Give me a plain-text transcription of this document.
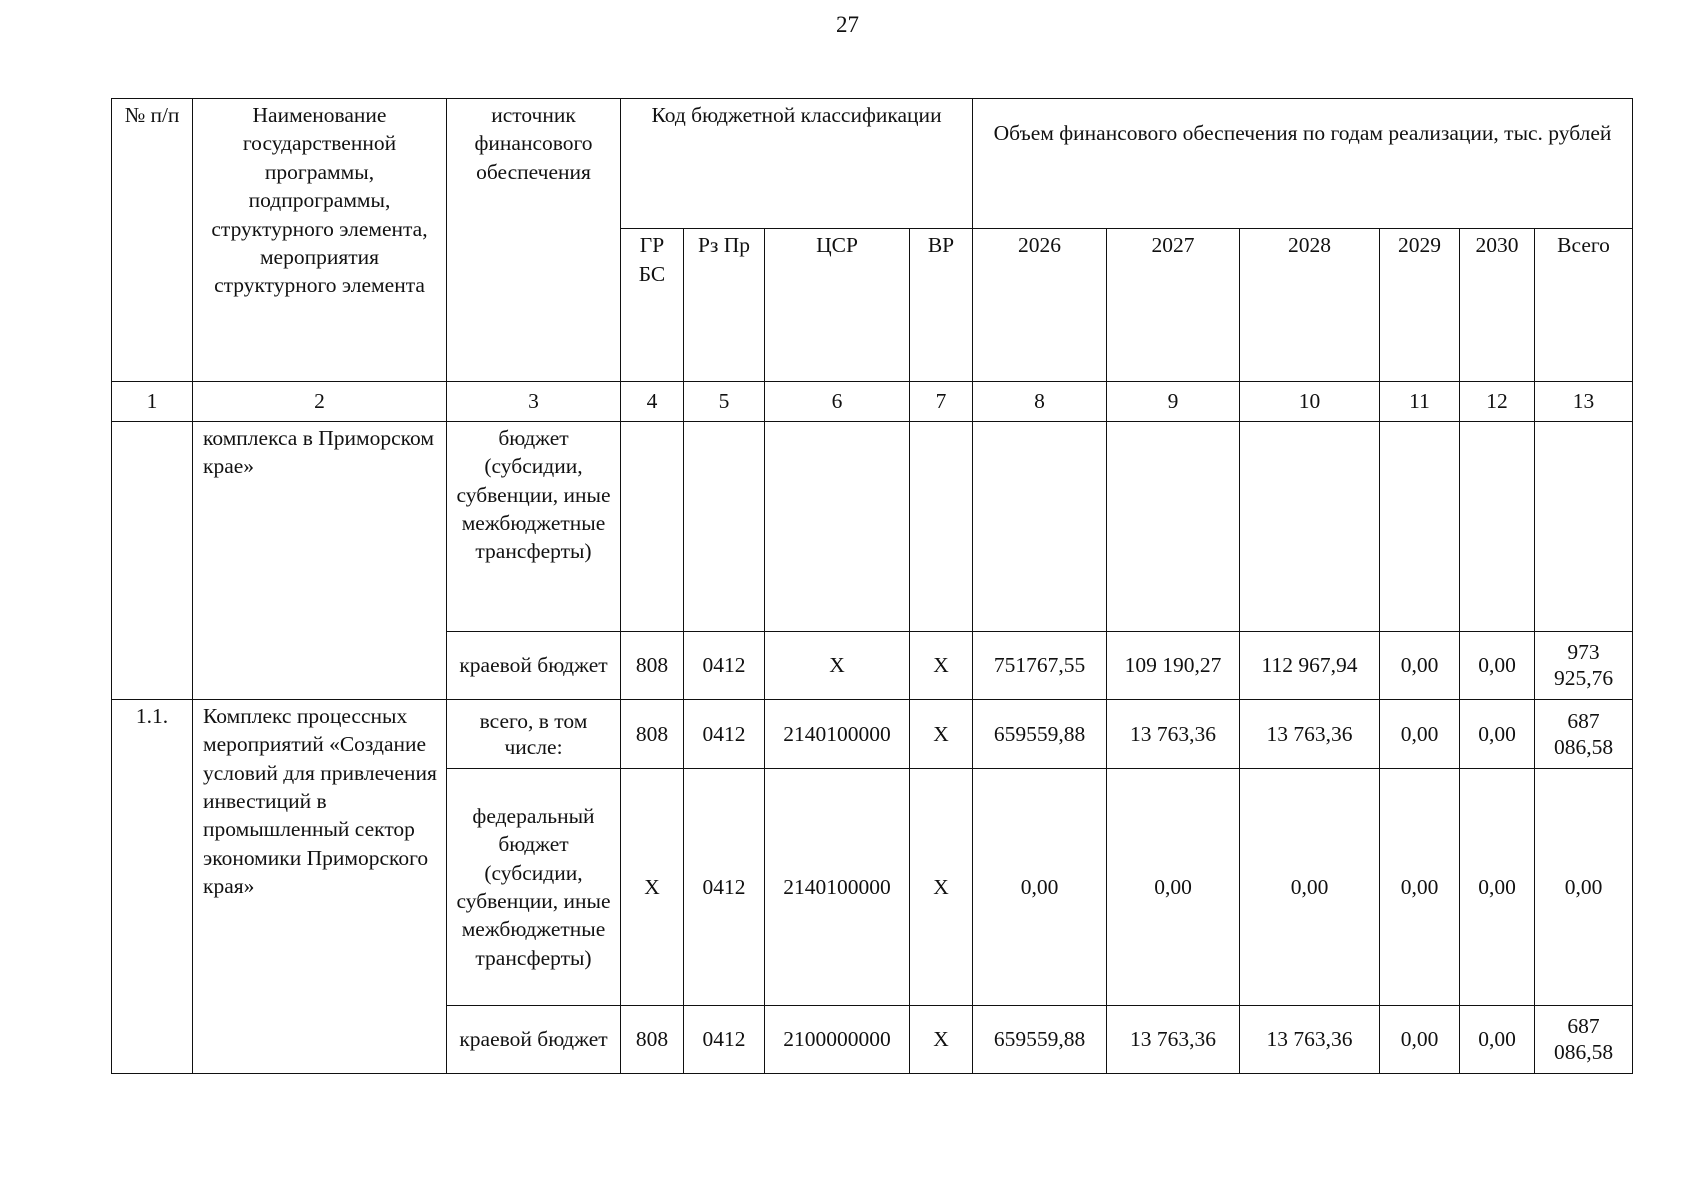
27
№ п/п	Наименование государственной программы, подпрограммы, структурного элемента, мероприятия структурного элемента	источник финансового обеспечения	Код бюджетной классификации				Объем финансового обеспечения по годам реализации, тыс. рублей					
			ГР БС	Рз Пр	ЦСР	ВР	2026	2027	2028	2029	2030	Всего
1	2	3	4	5	6	7	8	9	10	11	12	13
	комплекса в Приморском крае»	бюджет (субсидии, субвенции, иные межбюджетные трансферты)										
		краевой бюджет	808	0412	X	X	751767,55	109 190,27	112 967,94	0,00	0,00	973 925,76
1.1.	Комплекс процессных мероприятий «Создание условий для привлечения инвестиций в промышленный сектор экономики Приморского края»	всего, в том числе:	808	0412	2140100000	X	659559,88	13 763,36	13 763,36	0,00	0,00	687 086,58
		федеральный бюджет (субсидии, субвенции, иные межбюджетные трансферты)	X	0412	2140100000	X	0,00	0,00	0,00	0,00	0,00	0,00
		краевой бюджет	808	0412	2100000000	X	659559,88	13 763,36	13 763,36	0,00	0,00	687 086,58
